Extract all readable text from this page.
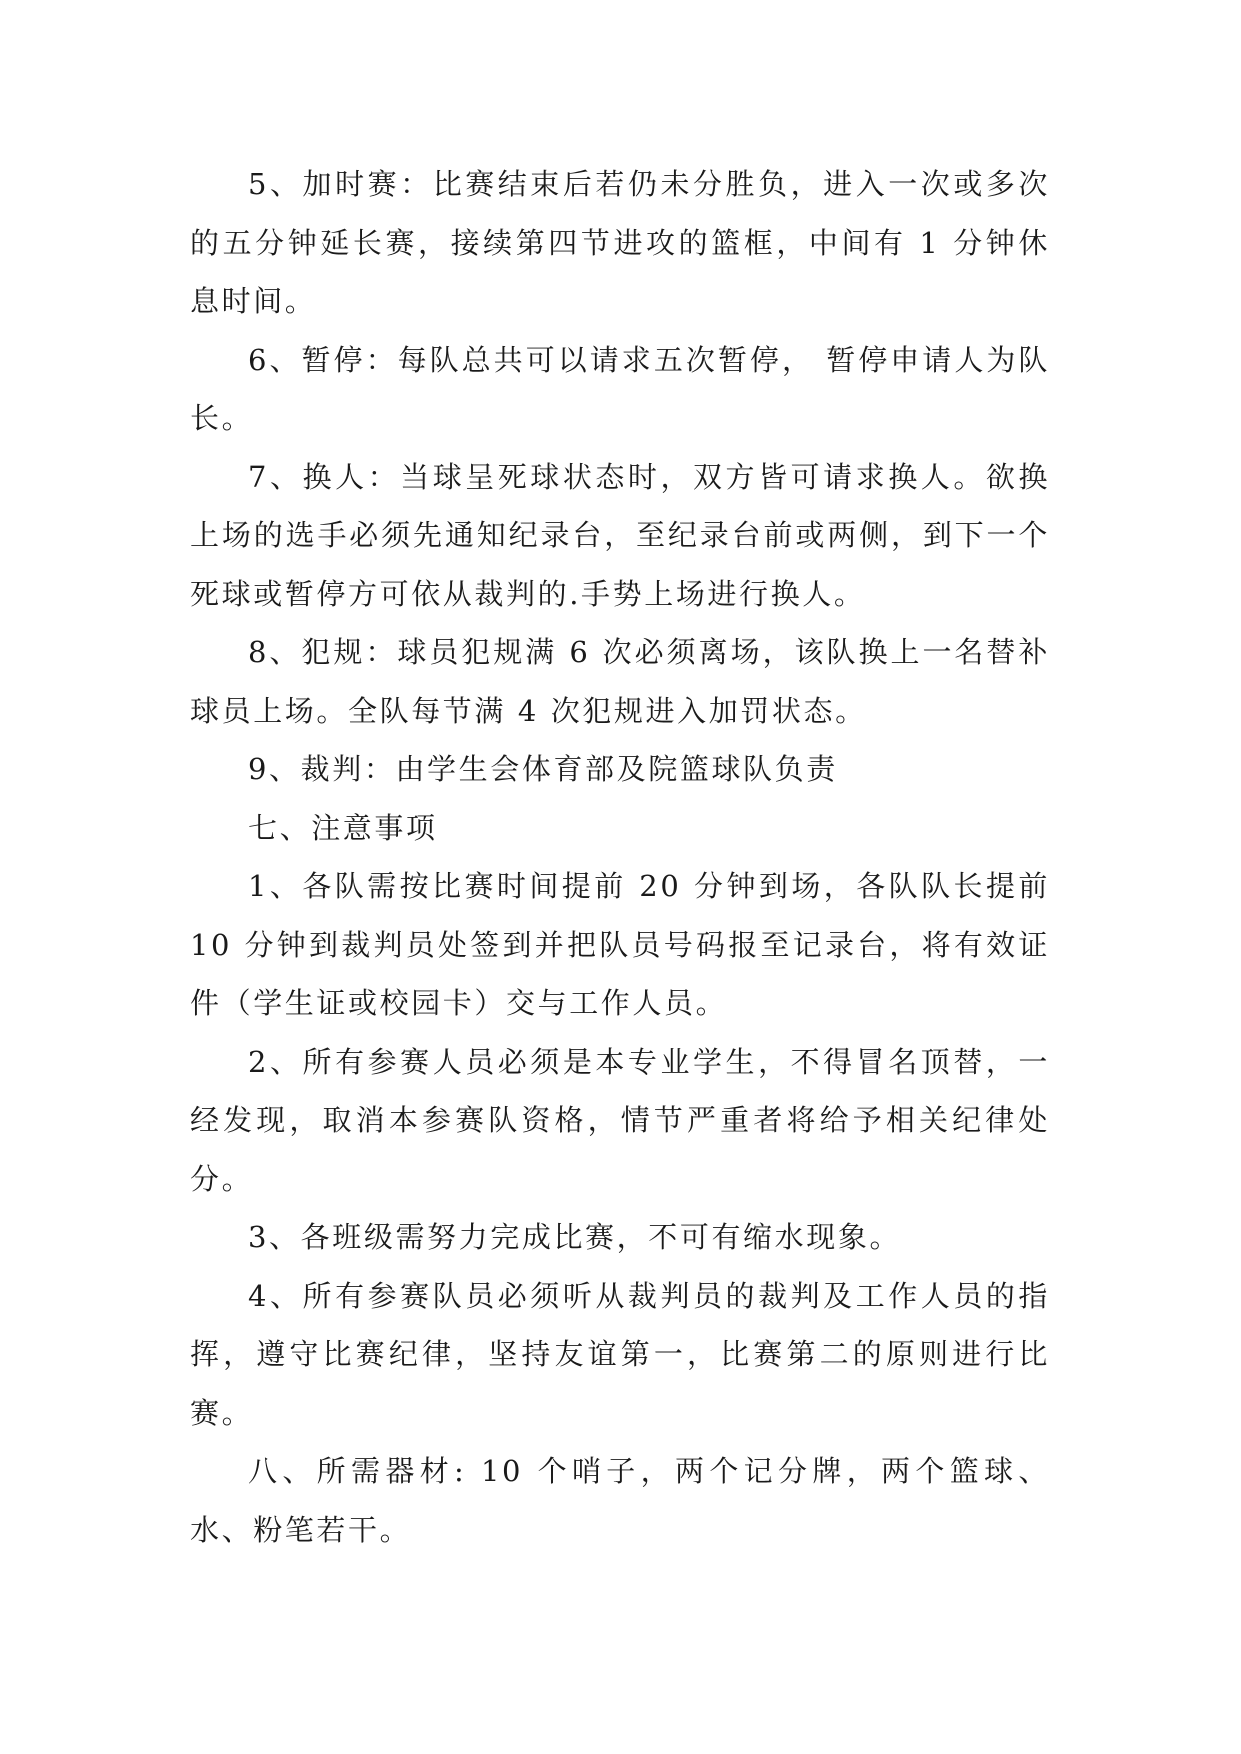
5、加时赛：比赛结束后若仍未分胜负，进入一次或多次的五分钟延长赛，接续第四节进攻的篮框，中间有 1 分钟休息时间。

6、暂停：每队总共可以请求五次暂停， 暂停申请人为队长。

7、换人：当球呈死球状态时，双方皆可请求换人。欲换上场的选手必须先通知纪录台，至纪录台前或两侧，到下一个死球或暂停方可依从裁判的.手势上场进行换人。

8、犯规：球员犯规满 6 次必须离场，该队换上一名替补球员上场。全队每节满 4 次犯规进入加罚状态。

9、裁判：由学生会体育部及院篮球队负责

七、注意事项

1、各队需按比赛时间提前 20 分钟到场，各队队长提前10 分钟到裁判员处签到并把队员号码报至记录台，将有效证件（学生证或校园卡）交与工作人员。

2、所有参赛人员必须是本专业学生，不得冒名顶替，一经发现，取消本参赛队资格，情节严重者将给予相关纪律处分。

3、各班级需努力完成比赛，不可有缩水现象。

4、所有参赛队员必须听从裁判员的裁判及工作人员的指挥，遵守比赛纪律，坚持友谊第一，比赛第二的原则进行比赛。

八、所需器材: 10 个哨子，两个记分牌，两个篮球、水、粉笔若干。
